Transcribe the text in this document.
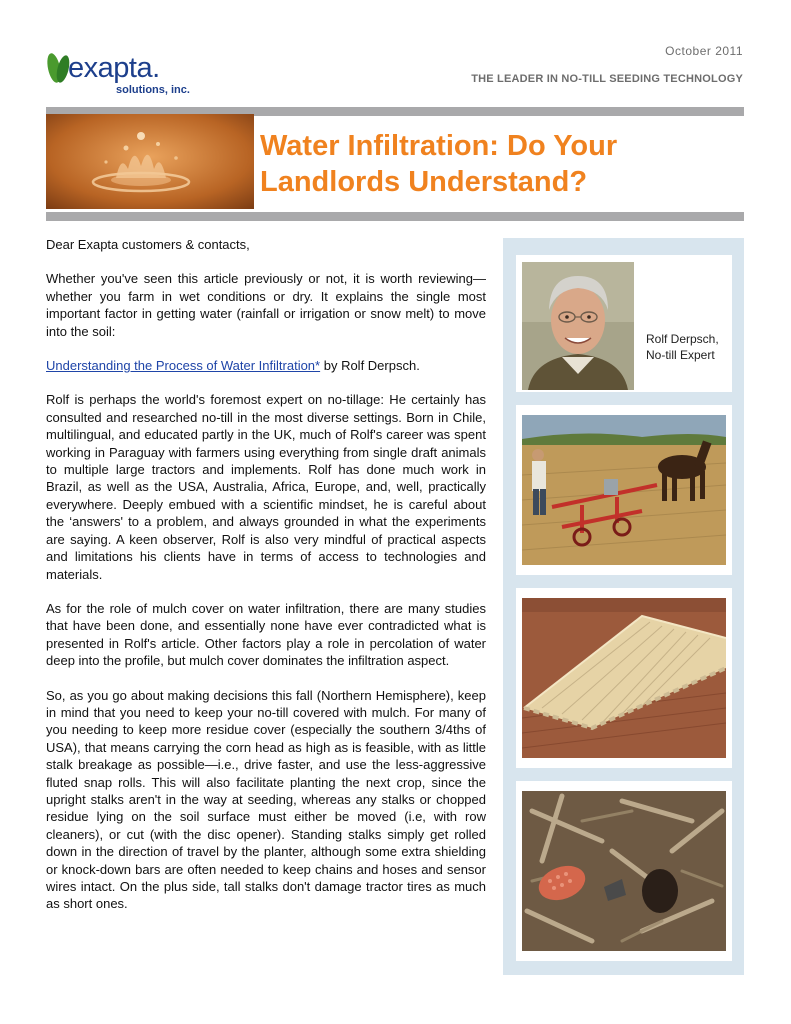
exapta.
solutions, inc.
October 2011
THE LEADER IN NO-TILL SEEDING TECHNOLOGY
Water Infiltration: Do Your
Landlords Understand?

Dear Exapta customers & contacts,

Whether you've seen this article previously or not, it is worth reviewing—whether you farm in wet conditions or dry. It explains the single most important factor in getting water (rainfall or irrigation or snow melt) to move into the soil:

Understanding the Process of Water Infiltration* by Rolf Derpsch.

Rolf is perhaps the world's foremost expert on no-tillage: He certainly has consulted and researched no-till in the most diverse settings. Born in Chile, multilingual, and educated partly in the UK, much of Rolf's career was spent working in Paraguay with farmers using everything from single draft animals to multiple large tractors and implements. Rolf has done much work in Brazil, as well as the USA, Australia, Africa, Europe, and, well, practically everywhere. Deeply embued with a scientific mindset, he is careful about the ‘answers' to a problem, and always grounded in what the experiments are saying. A keen observer, Rolf is also very mindful of practical aspects and limitations his clients have in terms of access to technologies and materials.

As for the role of mulch cover on water infiltration, there are many studies that have been done, and essentially none have ever contradicted what is presented in Rolf's article. Other factors play a role in percolation of water deep into the profile, but mulch cover dominates the infiltration aspect.

So, as you go about making decisions this fall (Northern Hemisphere), keep in mind that you need to keep your no-till covered with mulch. For many of you needing to keep more residue cover (especially the southern 3/4ths of USA), that means carrying the corn head as high as is feasible, with as little stalk breakage as possible—i.e., drive faster, and use the less-aggressive fluted snap rolls. This will also facilitate planting the next crop, since the upright stalks aren't in the way at seeding, whereas any stalks or chopped residue lying on the soil surface must either be moved (i.e, with row cleaners), or cut (with the disc opener). Standing stalks simply get rolled down in the direction of travel by the planter, although some extra shielding or knock-down bars are often needed to keep chains and hoses and sensor wires intact. On the plus side, tall stalks don't damage tractor tires as much as short ones.

Rolf Derpsch,
No-till Expert
